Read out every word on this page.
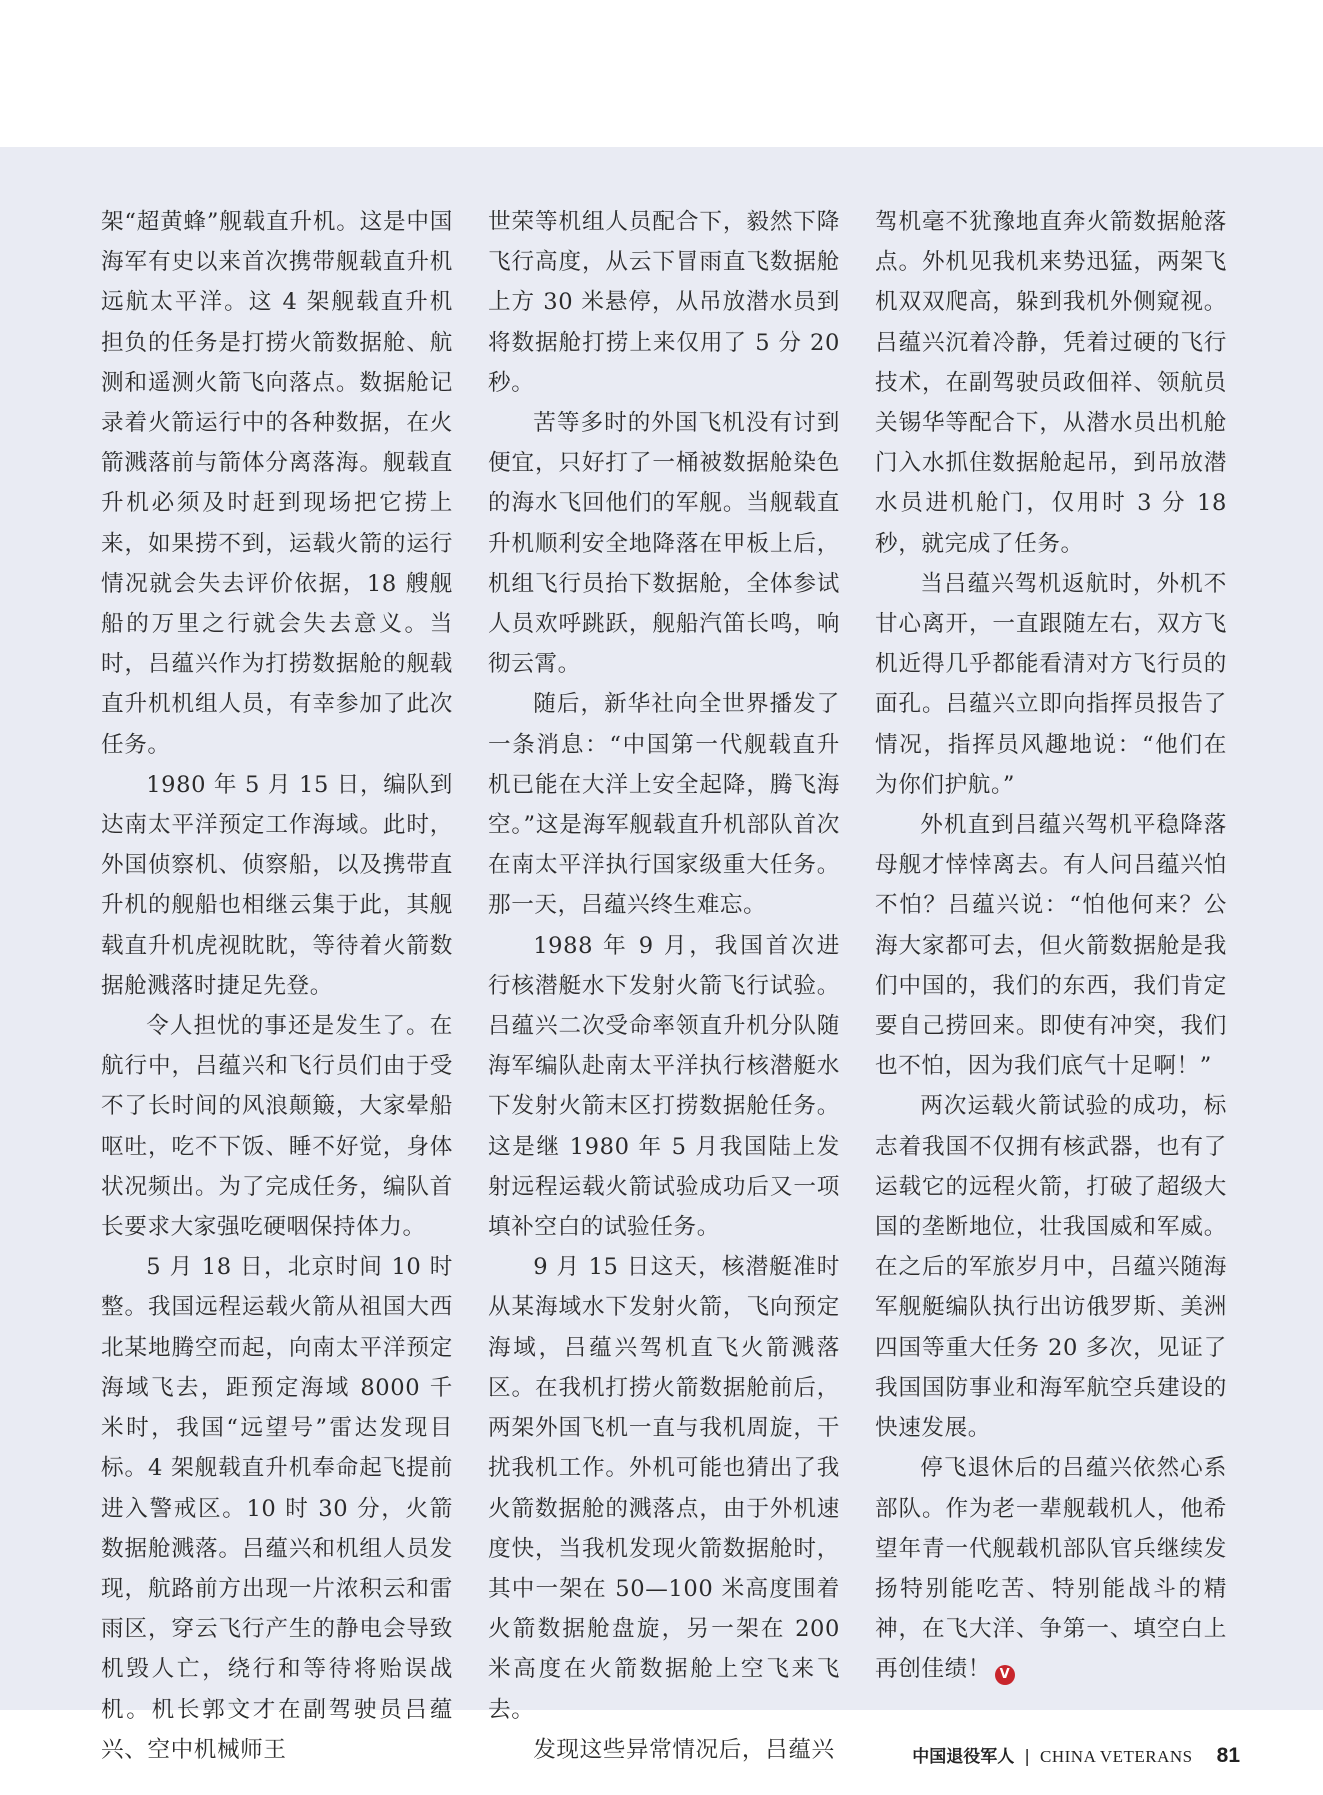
架“超黄蜂”舰载直升机。这是中国海军有史以来首次携带舰载直升机远航太平洋。这 4 架舰载直升机担负的任务是打捞火箭数据舱、航测和遥测火箭飞向落点。数据舱记录着火箭运行中的各种数据，在火箭溅落前与箭体分离落海。舰载直升机必须及时赶到现场把它捞上来，如果捞不到，运载火箭的运行情况就会失去评价依据，18 艘舰船的万里之行就会失去意义。当时，吕蕴兴作为打捞数据舱的舰载直升机机组人员，有幸参加了此次任务。

1980 年 5 月 15 日，编队到达南太平洋预定工作海域。此时，外国侦察机、侦察船，以及携带直升机的舰船也相继云集于此，其舰载直升机虎视眈眈，等待着火箭数据舱溅落时捷足先登。

令人担忧的事还是发生了。在航行中，吕蕴兴和飞行员们由于受不了长时间的风浪颠簸，大家晕船呕吐，吃不下饭、睡不好觉，身体状况频出。为了完成任务，编队首长要求大家强吃硬咽保持体力。

5 月 18 日，北京时间 10 时整。我国远程运载火箭从祖国大西北某地腾空而起，向南太平洋预定海域飞去，距预定海域 8000 千米时，我国“远望号”雷达发现目标。4 架舰载直升机奉命起飞提前进入警戒区。10 时 30 分，火箭数据舱溅落。吕蕴兴和机组人员发现，航路前方出现一片浓积云和雷雨区，穿云飞行产生的静电会导致机毁人亡，绕行和等待将贻误战机。机长郭文才在副驾驶员吕蕴兴、空中机械师王

世荣等机组人员配合下，毅然下降飞行高度，从云下冒雨直飞数据舱上方 30 米悬停，从吊放潜水员到将数据舱打捞上来仅用了 5 分 20 秒。

苦等多时的外国飞机没有讨到便宜，只好打了一桶被数据舱染色的海水飞回他们的军舰。当舰载直升机顺利安全地降落在甲板上后，机组飞行员抬下数据舱，全体参试人员欢呼跳跃，舰船汽笛长鸣，响彻云霄。

随后，新华社向全世界播发了一条消息：“中国第一代舰载直升机已能在大洋上安全起降，腾飞海空。”这是海军舰载直升机部队首次在南太平洋执行国家级重大任务。那一天，吕蕴兴终生难忘。

1988 年 9 月，我国首次进行核潜艇水下发射火箭飞行试验。吕蕴兴二次受命率领直升机分队随海军编队赴南太平洋执行核潜艇水下发射火箭末区打捞数据舱任务。这是继 1980 年 5 月我国陆上发射远程运载火箭试验成功后又一项填补空白的试验任务。

9 月 15 日这天，核潜艇准时从某海域水下发射火箭，飞向预定海域，吕蕴兴驾机直飞火箭溅落区。在我机打捞火箭数据舱前后，两架外国飞机一直与我机周旋，干扰我机工作。外机可能也猜出了我火箭数据舱的溅落点，由于外机速度快，当我机发现火箭数据舱时，其中一架在 50—100 米高度围着火箭数据舱盘旋，另一架在 200 米高度在火箭数据舱上空飞来飞去。

发现这些异常情况后，吕蕴兴

驾机毫不犹豫地直奔火箭数据舱落点。外机见我机来势迅猛，两架飞机双双爬高，躲到我机外侧窥视。吕蕴兴沉着冷静，凭着过硬的飞行技术，在副驾驶员政佃祥、领航员关锡华等配合下，从潜水员出机舱门入水抓住数据舱起吊，到吊放潜水员进机舱门，仅用时 3 分 18 秒，就完成了任务。

当吕蕴兴驾机返航时，外机不甘心离开，一直跟随左右，双方飞机近得几乎都能看清对方飞行员的面孔。吕蕴兴立即向指挥员报告了情况，指挥员风趣地说：“他们在为你们护航。”

外机直到吕蕴兴驾机平稳降落母舰才悻悻离去。有人问吕蕴兴怕不怕？吕蕴兴说：“怕他何来？公海大家都可去，但火箭数据舱是我们中国的，我们的东西，我们肯定要自己捞回来。即使有冲突，我们也不怕，因为我们底气十足啊！”

两次运载火箭试验的成功，标志着我国不仅拥有核武器，也有了运载它的远程火箭，打破了超级大国的垄断地位，壮我国威和军威。在之后的军旅岁月中，吕蕴兴随海军舰艇编队执行出访俄罗斯、美洲四国等重大任务 20 多次，见证了我国国防事业和海军航空兵建设的快速发展。

停飞退休后的吕蕴兴依然心系部队。作为老一辈舰载机人，他希望年青一代舰载机部队官兵继续发扬特别能吃苦、特别能战斗的精神，在飞大洋、争第一、填空白上再创佳绩！ V

中国退役军人 | CHINA VETERANS 81
